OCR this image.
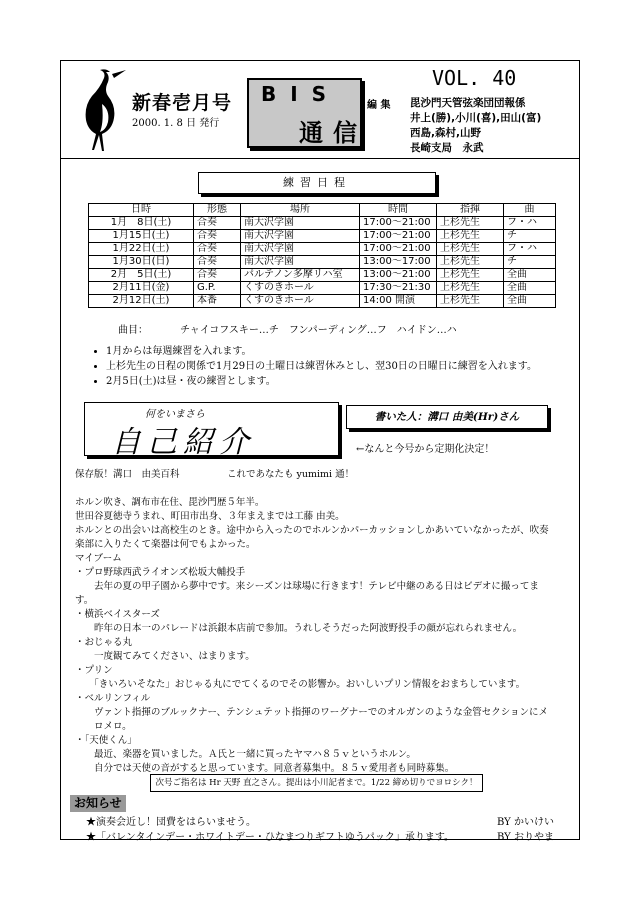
新春壱月号
2000. 1. 8 日 発行
BIS
通信
VOL. 40
編 集 毘沙門天管弦楽団団報係
井上(勝),小川(喜),田山(富)
西島,森村,山野
長崎支局　永武
練習日程
日時	形態	場所	時間	指揮	曲
1月　8日(土)	合奏	南大沢学園	17:00～21:00	上杉先生	フ・ハ
1月15日(土)	合奏	南大沢学園	17:00～21:00	上杉先生	チ
1月22日(土)	合奏	南大沢学園	17:00～21:00	上杉先生	フ・ハ
1月30日(日)	合奏	南大沢学園	13:00～17:00	上杉先生	チ
2月　5日(土)	合奏	パルテノン多摩リハ室	13:00～21:00	上杉先生	全曲
2月11日(金)	G.P.	くすのきホール	17:30～21:30	上杉先生	全曲
2月12日(土)	本番	くすのきホール	14:00 開演	上杉先生	全曲
曲目：	チャイコフスキー…チ　フンパーディング…フ　ハイドン…ハ
• 1月からは毎週練習を入れます。
• 上杉先生の日程の関係で1月29日の土曜日は練習休みとし、翌30日の日曜日に練習を入れます。
• 2月5日(土)は昼・夜の練習とします。
何をいまさら
自己紹介
書いた人：溝口 由美(Hr)さん
←なんと今号から定期化決定！
保存版！溝口　由美百科　　　　　これであなたも yumimi 通！
ホルン吹き、調布市在住、毘沙門歴５年半。
世田谷夏徳寺うまれ、町田市出身、３年まえまでは工藤 由美。
ホルンとの出会いは高校生のとき。途中から入ったのでホルンかパーカッションしかあいていなかったが、吹奏
楽部に入りたくて楽器は何でもよかった。
マイブーム
・プロ野球西武ライオンズ松坂大輔投手
　　去年の夏の甲子園から夢中です。来シーズンは球場に行きます！テレビ中継のある日はビデオに撮ってま
す。
・横浜ベイスターズ
　　昨年の日本一のパレードは浜銀本店前で参加。うれしそうだった阿波野投手の顔が忘れられません。
・おじゃる丸
　　一度観てみてください、はまります。
・プリン
　　「きいろいそなた」おじゃる丸にでてくるのでその影響か。おいしいプリン情報をおまちしています。
・ベルリンフィル
　　ヴァント指揮のブルックナー、テンシュテット指揮のワーグナーでのオルガンのような金管セクションにメ
　　ロメロ。
・「天使くん」
　　最近、楽器を買いました。Ａ氏と一緒に買ったヤマハ８５ｖというホルン。
　　自分では天使の音がすると思っています。同意者募集中。８５ｖ愛用者も同時募集。
次号ご指名は Hr 天野 直之さん。提出は小川記者まで。1/22 締め切りでヨロシク！
お知らせ
★演奏会近し！団費をはらいませう。	BY かいけい
★「バレンタインデー・ホワイトデー・ひなまつりギフトゆうパック」承ります。	BY おりやま
